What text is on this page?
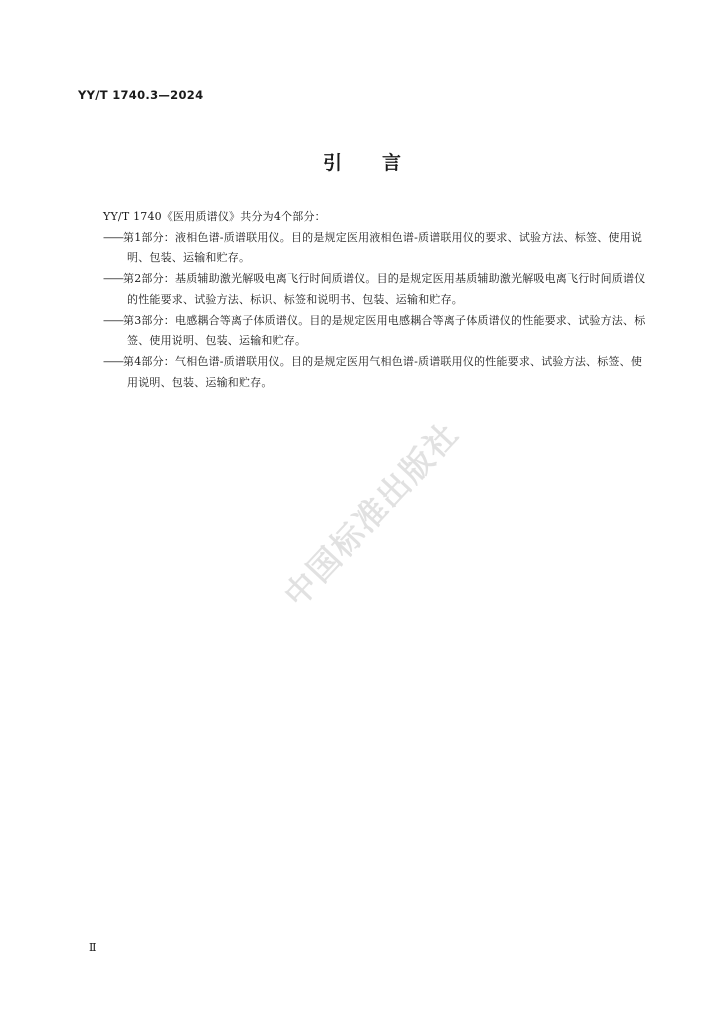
YY/T 1740.3—2024
引言

YY/T 1740《医用质谱仪》共分为4个部分：

——第1部分：液相色谱-质谱联用仪。目的是规定医用液相色谱-质谱联用仪的要求、试验方法、标签、使用说明、包装、运输和贮存。
——第2部分：基质辅助激光解吸电离飞行时间质谱仪。目的是规定医用基质辅助激光解吸电离飞行时间质谱仪的性能要求、试验方法、标识、标签和说明书、包装、运输和贮存。
——第3部分：电感耦合等离子体质谱仪。目的是规定医用电感耦合等离子体质谱仪的性能要求、试验方法、标签、使用说明、包装、运输和贮存。
——第4部分：气相色谱-质谱联用仪。目的是规定医用气相色谱-质谱联用仪的性能要求、试验方法、标签、使用说明、包装、运输和贮存。
中国标准出版社
Ⅱ
